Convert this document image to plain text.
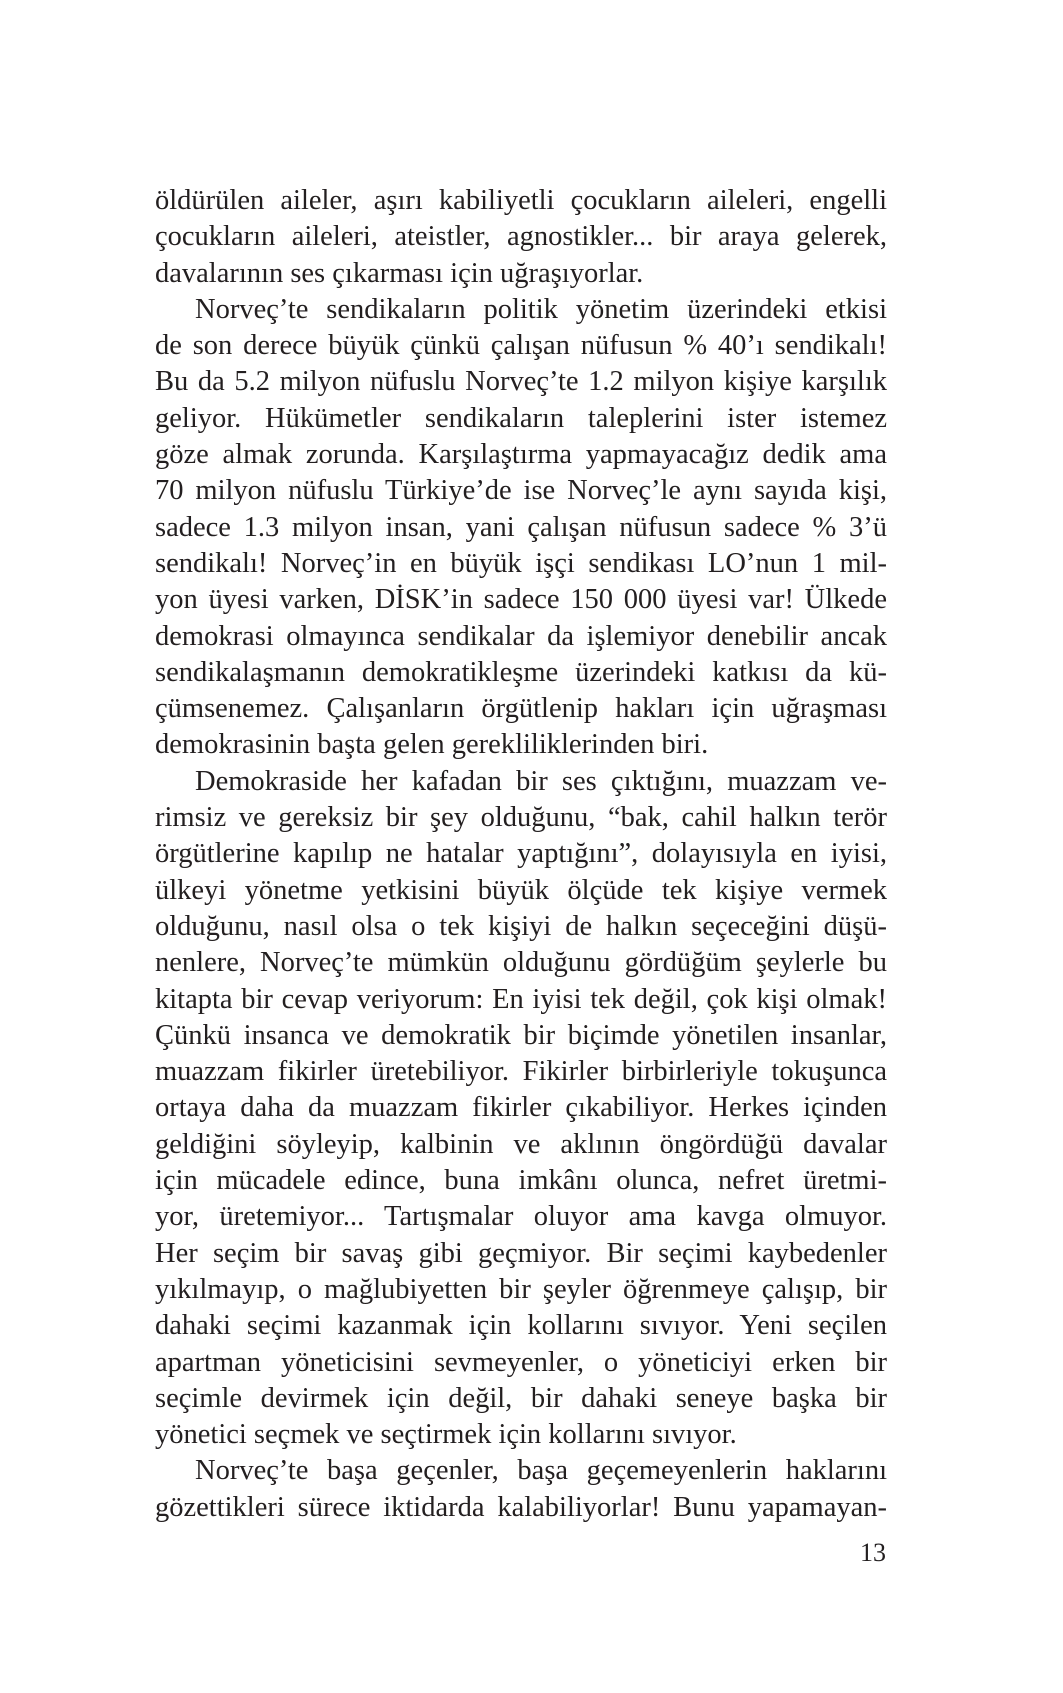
öldürülen aileler, aşırı kabiliyetli çocukların aileleri, engelli
çocukların aileleri, ateistler, agnostikler... bir araya gelerek,
davalarının ses çıkarması için uğraşıyorlar.
Norveç’te sendikaların politik yönetim üzerindeki etkisi
de son derece büyük çünkü çalışan nüfusun % 40’ı sendikalı!
Bu da 5.2 milyon nüfuslu Norveç’te 1.2 milyon kişiye karşılık
geliyor. Hükümetler sendikaların taleplerini ister istemez
göze almak zorunda. Karşılaştırma yapmayacağız dedik ama
70 milyon nüfuslu Türkiye’de ise Norveç’le aynı sayıda kişi,
sadece 1.3 milyon insan, yani çalışan nüfusun sadece % 3’ü
sendikalı! Norveç’in en büyük işçi sendikası LO’nun 1 mil-
yon üyesi varken, DİSK’in sadece 150 000 üyesi var! Ülkede
demokrasi olmayınca sendikalar da işlemiyor denebilir ancak
sendikalaşmanın demokratikleşme üzerindeki katkısı da kü-
çümsenemez. Çalışanların örgütlenip hakları için uğraşması
demokrasinin başta gelen gerekliliklerinden biri.
Demokraside her kafadan bir ses çıktığını, muazzam ve-
rimsiz ve gereksiz bir şey olduğunu, “bak, cahil halkın terör
örgütlerine kapılıp ne hatalar yaptığını”, dolayısıyla en iyisi,
ülkeyi yönetme yetkisini büyük ölçüde tek kişiye vermek
olduğunu, nasıl olsa o tek kişiyi de halkın seçeceğini düşü-
nenlere, Norveç’te mümkün olduğunu gördüğüm şeylerle bu
kitapta bir cevap veriyorum: En iyisi tek değil, çok kişi olmak!
Çünkü insanca ve demokratik bir biçimde yönetilen insanlar,
muazzam fikirler üretebiliyor. Fikirler birbirleriyle tokuşunca
ortaya daha da muazzam fikirler çıkabiliyor. Herkes içinden
geldiğini söyleyip, kalbinin ve aklının öngördüğü davalar
için mücadele edince, buna imkânı olunca, nefret üretmi-
yor, üretemiyor... Tartışmalar oluyor ama kavga olmuyor.
Her seçim bir savaş gibi geçmiyor. Bir seçimi kaybedenler
yıkılmayıp, o mağlubiyetten bir şeyler öğrenmeye çalışıp, bir
dahaki seçimi kazanmak için kollarını sıvıyor. Yeni seçilen
apartman yöneticisini sevmeyenler, o yöneticiyi erken bir
seçimle devirmek için değil, bir dahaki seneye başka bir
yönetici seçmek ve seçtirmek için kollarını sıvıyor.
Norveç’te başa geçenler, başa geçemeyenlerin haklarını
gözettikleri sürece iktidarda kalabiliyorlar! Bunu yapamayan-
13
